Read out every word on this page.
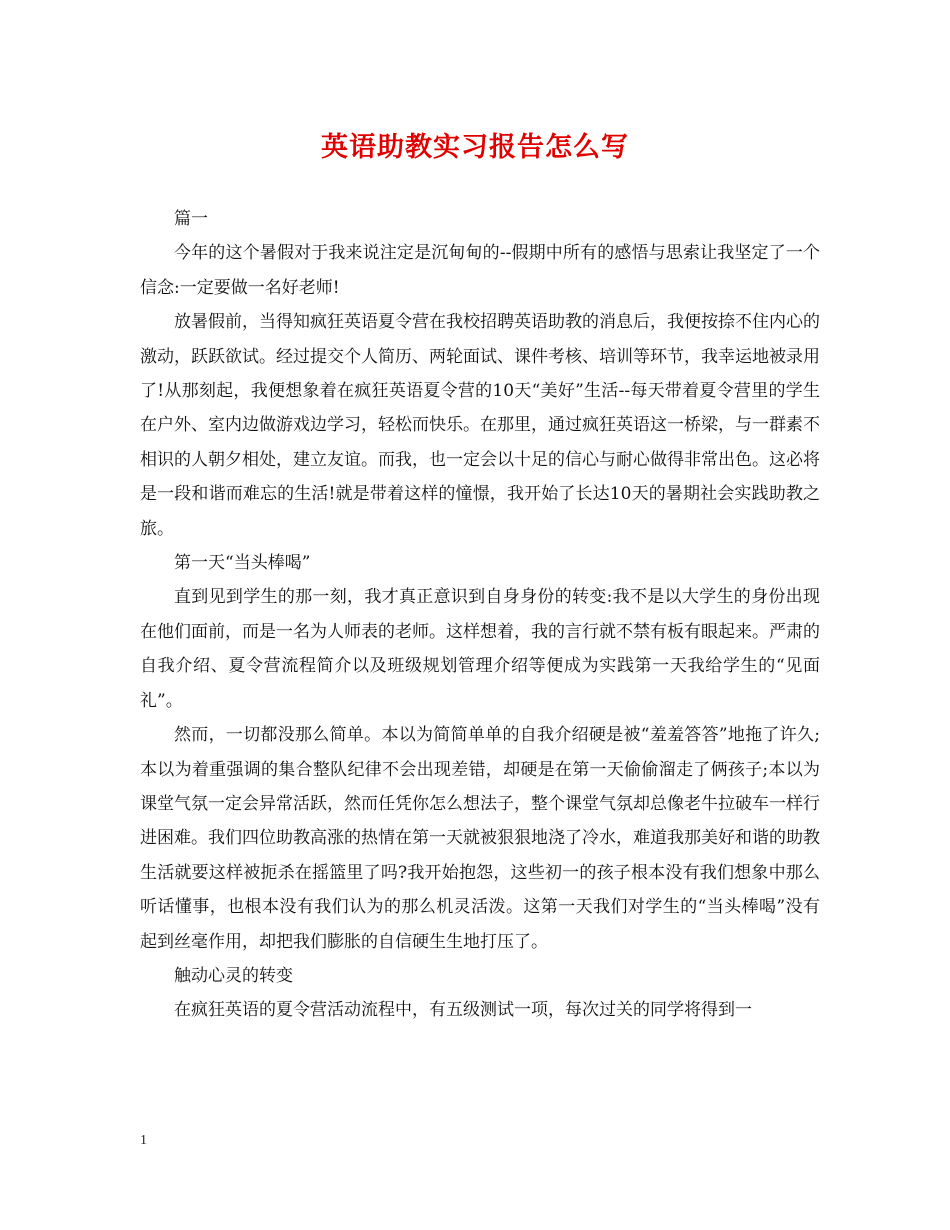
英语助教实习报告怎么写

篇一

今年的这个暑假对于我来说注定是沉甸甸的--假期中所有的感悟与思索让我坚定了一个信念:一定要做一名好老师!

放暑假前，当得知疯狂英语夏令营在我校招聘英语助教的消息后，我便按捺不住内心的激动，跃跃欲试。经过提交个人简历、两轮面试、课件考核、培训等环节，我幸运地被录用了!从那刻起，我便想象着在疯狂英语夏令营的10天“美好”生活--每天带着夏令营里的学生在户外、室内边做游戏边学习，轻松而快乐。在那里，通过疯狂英语这一桥梁，与一群素不相识的人朝夕相处，建立友谊。而我，也一定会以十足的信心与耐心做得非常出色。这必将是一段和谐而难忘的生活!就是带着这样的憧憬，我开始了长达10天的暑期社会实践助教之旅。

第一天“当头棒喝”

直到见到学生的那一刻，我才真正意识到自身身份的转变:我不是以大学生的身份出现在他们面前，而是一名为人师表的老师。这样想着，我的言行就不禁有板有眼起来。严肃的自我介绍、夏令营流程简介以及班级规划管理介绍等便成为实践第一天我给学生的“见面礼”。

然而，一切都没那么简单。本以为简简单单的自我介绍硬是被“羞羞答答”地拖了许久;本以为着重强调的集合整队纪律不会出现差错，却硬是在第一天偷偷溜走了俩孩子;本以为课堂气氛一定会异常活跃，然而任凭你怎么想法子，整个课堂气氛却总像老牛拉破车一样行进困难。我们四位助教高涨的热情在第一天就被狠狠地浇了冷水，难道我那美好和谐的助教生活就要这样被扼杀在摇篮里了吗?我开始抱怨，这些初一的孩子根本没有我们想象中那么听话懂事，也根本没有我们认为的那么机灵活泼。这第一天我们对学生的“当头棒喝”没有起到丝毫作用，却把我们膨胀的自信硬生生地打压了。

触动心灵的转变

在疯狂英语的夏令营活动流程中，有五级测试一项，每次过关的同学将得到一

1
